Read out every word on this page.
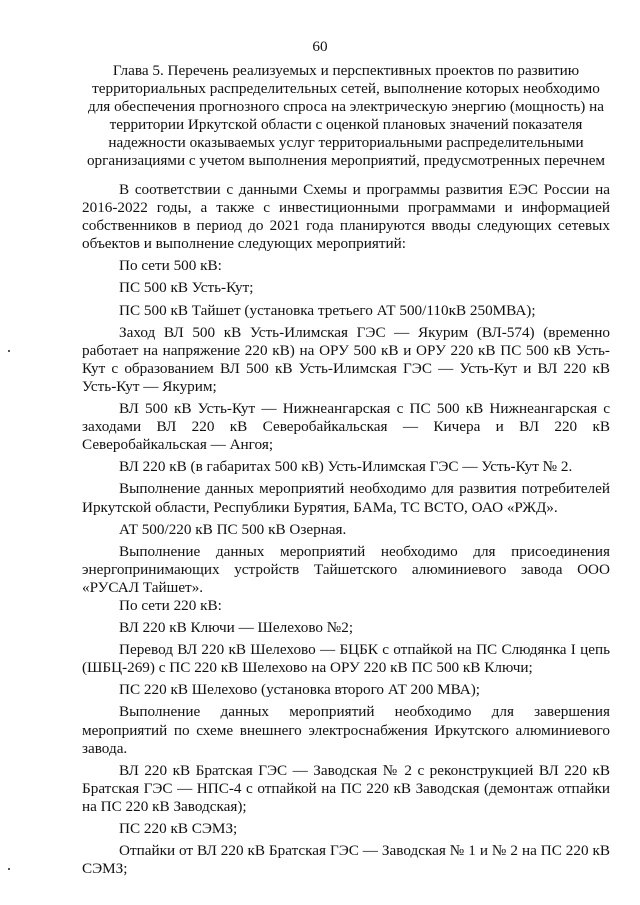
60
Глава 5. Перечень реализуемых и перспективных проектов по развитию
территориальных распределительных сетей, выполнение которых необходимо
для обеспечения прогнозного спроса на электрическую энергию (мощность) на
территории Иркутской области с оценкой плановых значений показателя
надежности оказываемых услуг территориальными распределительными
организациями с учетом выполнения мероприятий, предусмотренных перечнем

В соответствии с данными Схемы и программы развития ЕЭС России на 2016-2022 годы, а также с инвестиционными программами и информацией собственников в период до 2021 года планируются вводы следующих сетевых объектов и выполнение следующих мероприятий:

По сети 500 кВ:

ПС 500 кВ Усть-Кут;

ПС 500 кВ Тайшет (установка третьего АТ 500/110кВ 250МВА);

Заход ВЛ 500 кВ Усть-Илимская ГЭС — Якурим (ВЛ-574) (временно работает на напряжение 220 кВ) на ОРУ 500 кВ и ОРУ 220 кВ ПС 500 кВ Усть-Кут с образованием ВЛ 500 кВ Усть-Илимская ГЭС — Усть-Кут и ВЛ 220 кВ Усть-Кут — Якурим;

ВЛ 500 кВ Усть-Кут — Нижнеангарская с ПС 500 кВ Нижнеангарская с заходами ВЛ 220 кВ Северобайкальская — Кичера и ВЛ 220 кВ Северобайкальская — Ангоя;

ВЛ 220 кВ (в габаритах 500 кВ) Усть-Илимская ГЭС — Усть-Кут № 2.

Выполнение данных мероприятий необходимо для развития потребителей Иркутской области, Республики Бурятия, БАМа, ТС ВСТО, ОАО «РЖД».

АТ 500/220 кВ ПС 500 кВ Озерная.

Выполнение данных мероприятий необходимо для присоединения энергопринимающих устройств Тайшетского алюминиевого завода ООО «РУСАЛ Тайшет».

По сети 220 кВ:

ВЛ 220 кВ Ключи — Шелехово №2;

Перевод ВЛ 220 кВ Шелехово — БЦБК с отпайкой на ПС Слюдянка I цепь (ШБЦ-269) с ПС 220 кВ Шелехово на ОРУ 220 кВ ПС 500 кВ Ключи;

ПС 220 кВ Шелехово (установка второго АТ 200 МВА);

Выполнение данных мероприятий необходимо для завершения мероприятий по схеме внешнего электроснабжения Иркутского алюминиевого завода.

ВЛ 220 кВ Братская ГЭС — Заводская № 2 с реконструкцией ВЛ 220 кВ Братская ГЭС — НПС-4 с отпайкой на ПС 220 кВ Заводская (демонтаж отпайки на ПС 220 кВ Заводская);

ПС 220 кВ СЭМЗ;

Отпайки от ВЛ 220 кВ Братская ГЭС — Заводская № 1 и № 2 на ПС 220 кВ СЭМЗ;
